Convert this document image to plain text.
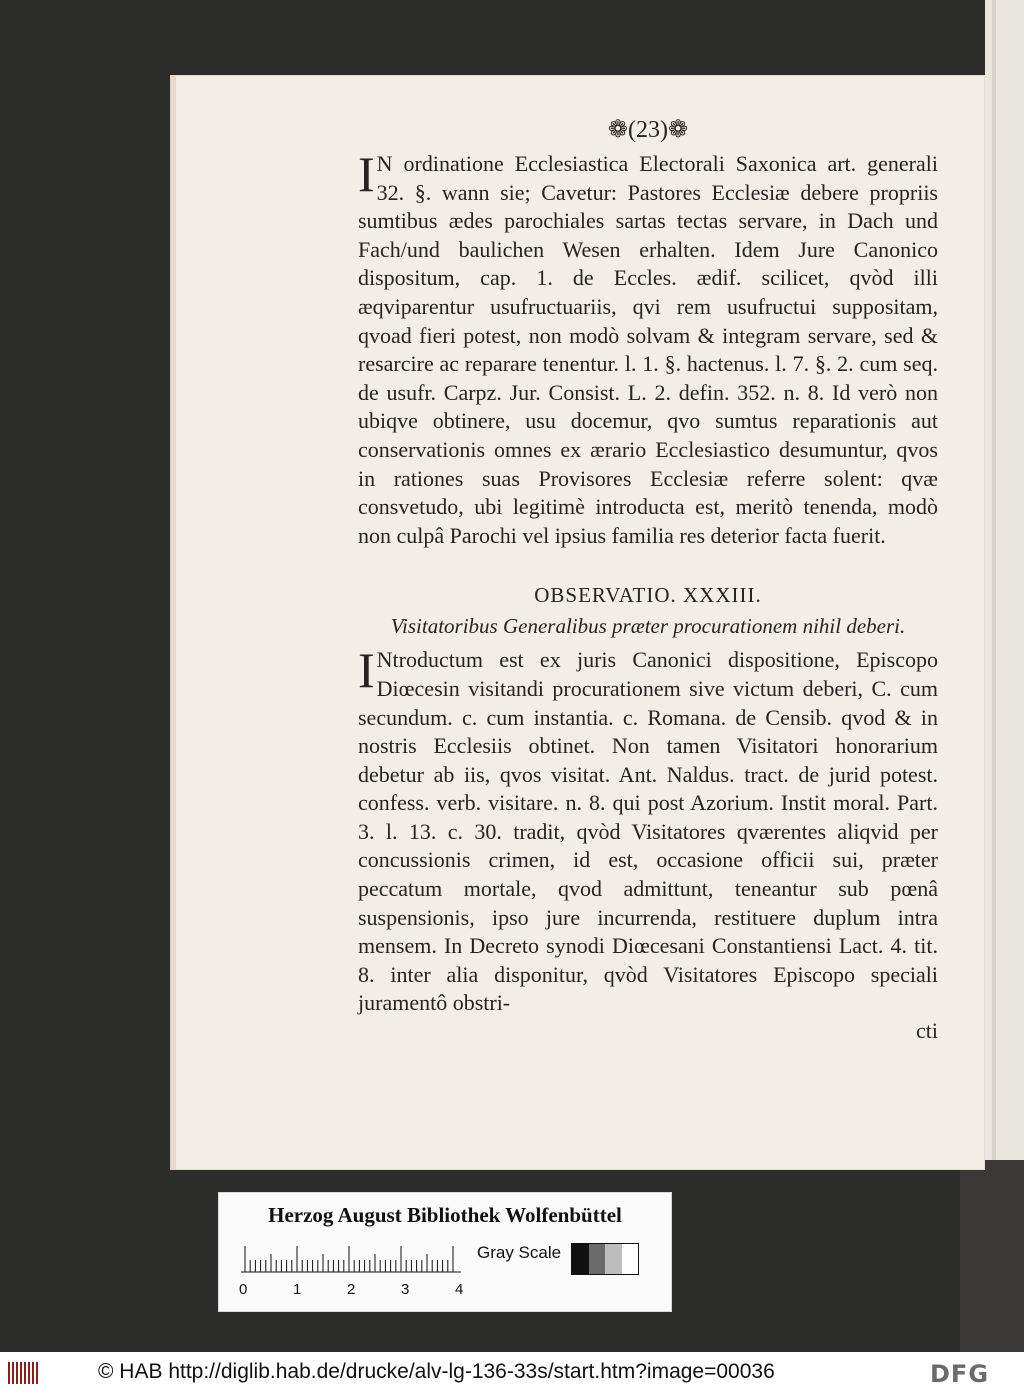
❁(23)❁

IN ordinatione Ecclesiastica Electorali Saxonica art. generali 32. §. wann sie; Cavetur: Pastores Ecclesiæ debere propriis sumtibus ædes parochiales sartas tectas servare, in Dach und Fach/und baulichen Wesen erhalten. Idem Jure Canonico dispositum, cap. 1. de Eccles. ædif. scilicet, qvòd illi æqviparentur usufructuariis, qvi rem usufructui suppositam, qvoad fieri potest, non modò solvam & integram servare, sed & resarcire ac reparare tenentur. l. 1. §. hactenus. l. 7. §. 2. cum seq. de usufr. Carpz. Jur. Consist. L. 2. defin. 352. n. 8. Id verò non ubiqve obtinere, usu docemur, qvo sumtus reparationis aut conservationis omnes ex ærario Ecclesiastico desumuntur, qvos in rationes suas Provisores Ecclesiæ referre solent: qvæ consvetudo, ubi legitimè introducta est, meritò tenenda, modò non culpâ Parochi vel ipsius familia res deterior facta fuerit.

OBSERVATIO. XXXIII.
Visitatoribus Generalibus præter procurationem nihil deberi.

INtroductum est ex juris Canonici dispositione, Episcopo Diœcesin visitandi procurationem sive victum deberi, C. cum secundum. c. cum instantia. c. Romana. de Censib. qvod & in nostris Ecclesiis obtinet. Non tamen Visitatori honorarium debetur ab iis, qvos visitat. Ant. Naldus. tract. de jurid potest. confess. verb. visitare. n. 8. qui post Azorium. Instit moral. Part. 3. l. 13. c. 30. tradit, qvòd Visitatores qværentes aliqvid per concussionis crimen, id est, occasione officii sui, præter peccatum mortale, qvod admittunt, teneantur sub pœnâ suspensionis, ipso jure incurrenda, restituere duplum intra mensem. In Decreto synodi Diœcesani Constantiensi Lact. 4. tit. 8. inter alia disponitur, qvòd Visitatores Episcopo speciali juramentô obstri-

cti
Herzog August Bibliothek Wolfenbüttel
0	1	2	3	4
Gray Scale
© HAB http://diglib.hab.de/drucke/alv-lg-136-33s/start.htm?image=00036	DFG
